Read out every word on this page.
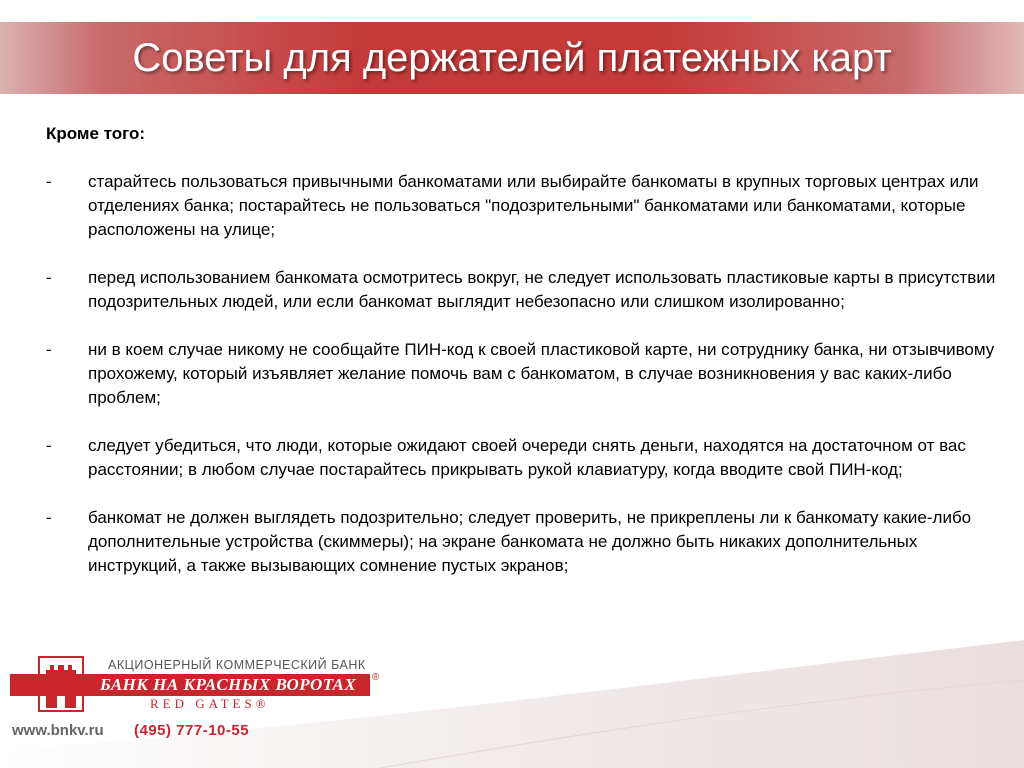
Советы для держателей платежных карт
Кроме того:
-	старайтесь пользоваться привычными банкоматами или выбирайте банкоматы в крупных торговых центрах или отделениях банка; постарайтесь не пользоваться "подозрительными" банкоматами или банкоматами, которые расположены на улице;
-	перед использованием банкомата осмотритесь вокруг, не следует использовать пластиковые карты в присутствии подозрительных людей, или если банкомат выглядит небезопасно или слишком изолированно;
-	ни в коем случае никому не сообщайте ПИН-код к своей пластиковой карте, ни сотруднику банка, ни отзывчивому прохожему, который изъявляет желание помочь вам с банкоматом, в случае возникновения у вас каких-либо проблем;
-	следует убедиться, что люди, которые ожидают своей очереди снять деньги, находятся на достаточном от вас расстоянии; в любом случае постарайтесь прикрывать рукой клавиатуру, когда вводите свой ПИН-код;
-	банкомат не должен выглядеть подозрительно; следует проверить, не прикреплены ли к банкомату какие-либо дополнительные устройства (скиммеры); на экране банкомата не должно быть никаких дополнительных инструкций, а также вызывающих сомнение пустых экранов;
АКЦИОНЕРНЫЙ КОММЕРЧЕСКИЙ БАНК
БАНК НА КРАСНЫХ ВОРОТАХ ®
RED GATES®
www.bnkv.ru (495) 777-10-55
